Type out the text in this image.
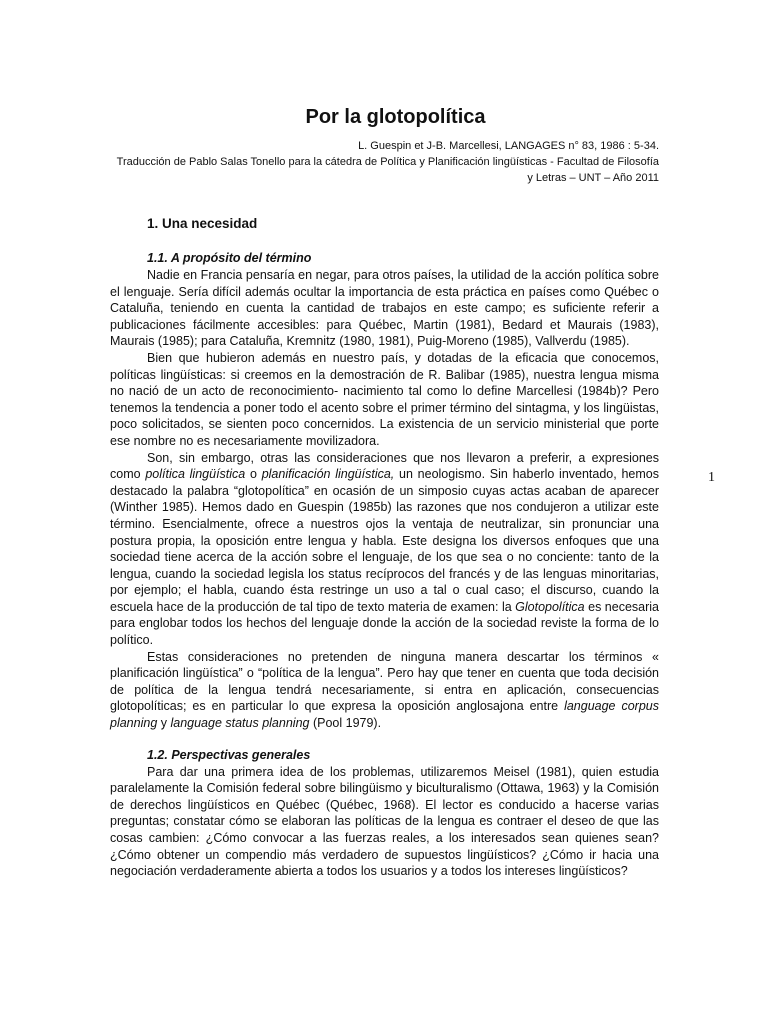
Por la glotopolítica
L. Guespin et J-B. Marcellesi, LANGAGES n° 83, 1986 : 5-34.
Traducción de Pablo Salas Tonello para la cátedra de Política y Planificación lingüísticas - Facultad de Filosofía y Letras – UNT – Año 2011
1. Una necesidad
1.1. A propósito del término

Nadie en Francia pensaría en negar, para otros países, la utilidad de la acción política sobre el lenguaje. Sería difícil además ocultar la importancia de esta práctica en países como Québec o Cataluña, teniendo en cuenta la cantidad de trabajos en este campo; es suficiente referir a publicaciones fácilmente accesibles: para Québec, Martin (1981), Bedard et Maurais (1983), Maurais (1985); para Cataluña, Kremnitz (1980, 1981), Puig-Moreno (1985), Vallverdu (1985).

Bien que hubieron además en nuestro país, y dotadas de la eficacia que conocemos, políticas lingüísticas: si creemos en la demostración de R. Balibar (1985), nuestra lengua misma no nació de un acto de reconocimiento- nacimiento tal como lo define Marcellesi (1984b)? Pero tenemos la tendencia a poner todo el acento sobre el primer término del sintagma, y los lingüistas, poco solicitados, se sienten poco concernidos. La existencia de un servicio ministerial que porte ese nombre no es necesariamente movilizadora.

Son, sin embargo, otras las consideraciones que nos llevaron a preferir, a expresiones como política lingüística o planificación lingüística, un neologismo. Sin haberlo inventado, hemos destacado la palabra “glotopolítica” en ocasión de un simposio cuyas actas acaban de aparecer (Winther 1985). Hemos dado en Guespin (1985b) las razones que nos condujeron a utilizar este término. Esencialmente, ofrece a nuestros ojos la ventaja de neutralizar, sin pronunciar una postura propia, la oposición entre lengua y habla. Este designa los diversos enfoques que una sociedad tiene acerca de la acción sobre el lenguaje, de los que sea o no conciente: tanto de la lengua, cuando la sociedad legisla los status recíprocos del francés y de las lenguas minoritarias, por ejemplo; el habla, cuando ésta restringe un uso a tal o cual caso; el discurso, cuando la escuela hace de la producción de tal tipo de texto materia de examen: la Glotopolítica es necesaria para englobar todos los hechos del lenguaje donde la acción de la sociedad reviste la forma de lo político.

Estas consideraciones no pretenden de ninguna manera descartar los términos « planificación lingüística” o “política de la lengua”. Pero hay que tener en cuenta que toda decisión de política de la lengua tendrá necesariamente, si entra en aplicación, consecuencias glotopolíticas; es en particular lo que expresa la oposición anglosajona entre language corpus planning y language status planning (Pool 1979).

1.2. Perspectivas generales

Para dar una primera idea de los problemas, utilizaremos Meisel (1981), quien estudia paralelamente la Comisión federal sobre bilingüismo y biculturalismo (Ottawa, 1963) y la Comisión de derechos lingüísticos en Québec (Québec, 1968). El lector es conducido a hacerse varias preguntas; constatar cómo se elaboran las políticas de la lengua es contraer el deseo de que las cosas cambien: ¿Cómo convocar a las fuerzas reales, a los interesados sean quienes sean? ¿Cómo obtener un compendio más verdadero de supuestos lingüísticos? ¿Cómo ir hacia una negociación verdaderamente abierta a todos los usuarios y a todos los intereses lingüísticos?

1
